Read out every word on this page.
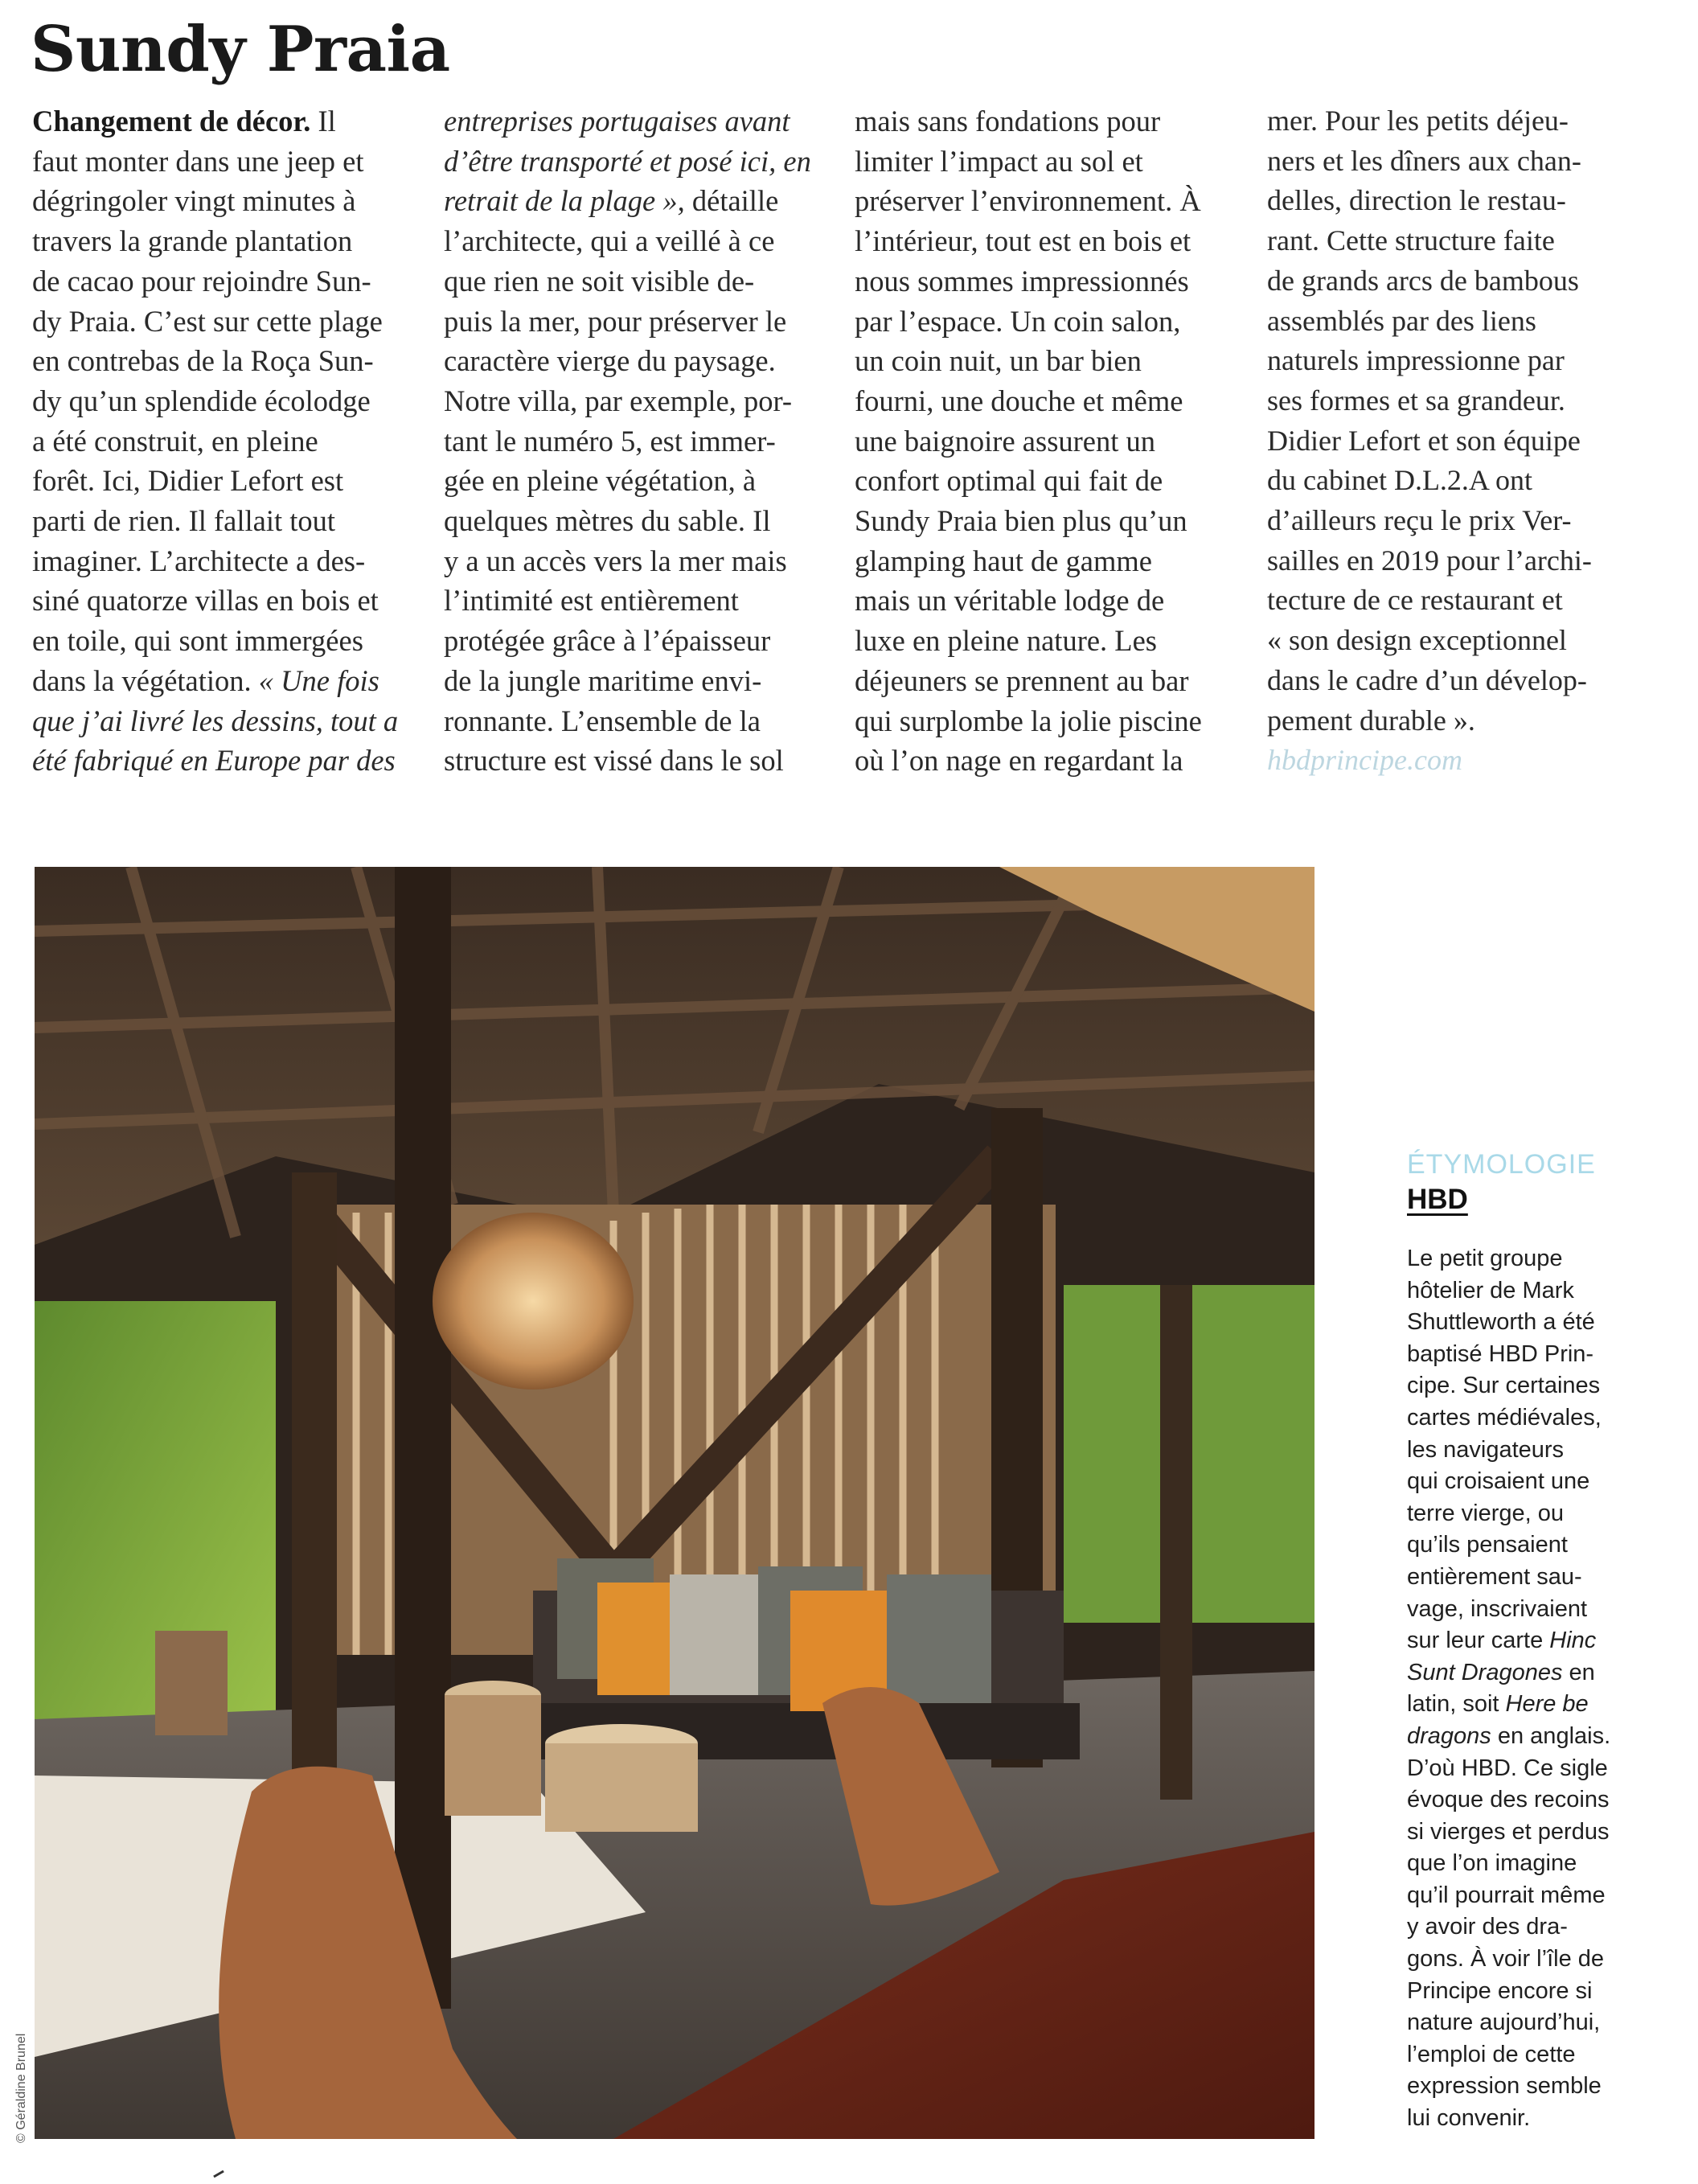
Sundy Praia
Changement de décor. Il
faut monter dans une jeep et
dégringoler vingt minutes à
travers la grande plantation
de cacao pour rejoindre Sun-
dy Praia. C’est sur cette plage
en contrebas de la Roça Sun-
dy qu’un splendide écolodge
a été construit, en pleine
forêt. Ici, Didier Lefort est
parti de rien. Il fallait tout
imaginer. L’architecte a des-
siné quatorze villas en bois et
en toile, qui sont immergées
dans la végétation. « Une fois
que j’ai livré les dessins, tout a
été fabriqué en Europe par des
entreprises portugaises avant
d’être transporté et posé ici, en
retrait de la plage », détaille
l’architecte, qui a veillé à ce
que rien ne soit visible de-
puis la mer, pour préserver le
caractère vierge du paysage.
Notre villa, par exemple, por-
tant le numéro 5, est immer-
gée en pleine végétation, à
quelques mètres du sable. Il
y a un accès vers la mer mais
l’intimité est entièrement
protégée grâce à l’épaisseur
de la jungle maritime envi-
ronnante. L’ensemble de la
structure est vissé dans le sol
mais sans fondations pour
limiter l’impact au sol et
préserver l’environnement. À
l’intérieur, tout est en bois et
nous sommes impressionnés
par l’espace. Un coin salon,
un coin nuit, un bar bien
fourni, une douche et même
une baignoire assurent un
confort optimal qui fait de
Sundy Praia bien plus qu’un
glamping haut de gamme
mais un véritable lodge de
luxe en pleine nature. Les
déjeuners se prennent au bar
qui surplombe la jolie piscine
où l’on nage en regardant la
mer. Pour les petits déjeu-
ners et les dîners aux chan-
delles, direction le restau-
rant. Cette structure faite
de grands arcs de bambous
assemblés par des liens
naturels impressionne par
ses formes et sa grandeur.
Didier Lefort et son équipe
du cabinet D.L.2.A ont
d’ailleurs reçu le prix Ver-
sailles en 2019 pour l’archi-
tecture de ce restaurant et
« son design exceptionnel
dans le cadre d’un dévelop-
pement durable ».
hbdprincipe.com
© Géraldine Brunel
ÉTYMOLOGIE
HBD
Le petit groupe
hôtelier de Mark
Shuttleworth a été
baptisé HBD Prin-
cipe. Sur certaines
cartes médiévales,
les navigateurs
qui croisaient une
terre vierge, ou
qu’ils pensaient
entièrement sau-
vage, inscrivaient
sur leur carte Hinc
Sunt Dragones en
latin, soit Here be
dragons en anglais.
D’où HBD. Ce sigle
évoque des recoins
si vierges et perdus
que l’on imagine
qu’il pourrait même
y avoir des dra-
gons. À voir l’île de
Principe encore si
nature aujourd’hui,
l’emploi de cette
expression semble
lui convenir.
